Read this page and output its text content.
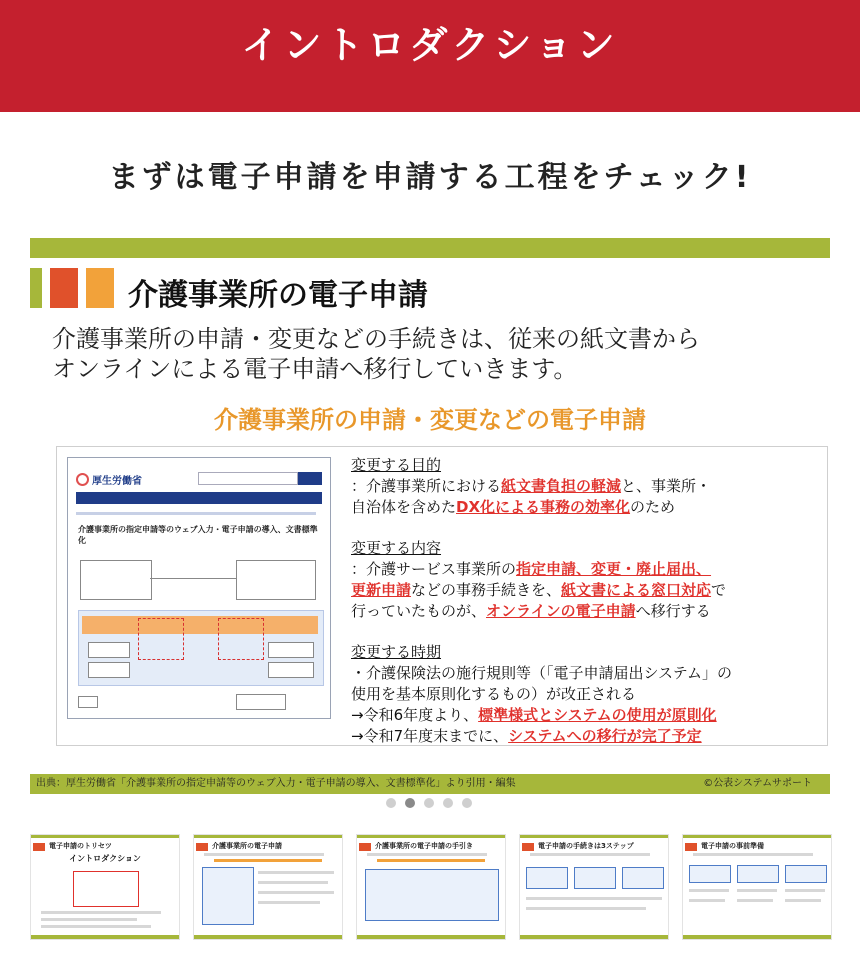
イントロダクション
まずは電子申請を申請する工程をチェック!
介護事業所の電子申請
介護事業所の申請・変更などの手続きは、従来の紙文書から
オンラインによる電子申請へ移行していきます。
介護事業所の申請・変更などの電子申請
厚生労働省
介護事業所の指定申請等のウェブ入力・電子申請の導入、文書標準化

変更する目的

：介護事業所における紙文書負担の軽減と、事業所・

自治体を含めたDX化による事務の効率化のため

変更する内容

：介護サービス事業所の指定申請、変更・廃止届出、

更新申請などの事務手続きを、紙文書による窓口対応で

行っていたものが、オンラインの電子申請へ移行する

変更する時期

・介護保険法の施行規則等（「電子申請届出システム」の

使用を基本原則化するもの）が改正される

→令和6年度より、標準様式とシステムの使用が原則化

→令和7年度末までに、システムへの移行が完了予定

出典：厚生労働省「介護事業所の指定申請等のウェブ入力・電子申請の導入、文書標準化」より引用・編集	©公表システムサポート
電子申請のトリセツ
イントロダクション
介護事業所の電子申請	介護事業所の電子申請の手引き	電子申請の手続きは3ステップ	電子申請の事前準備
